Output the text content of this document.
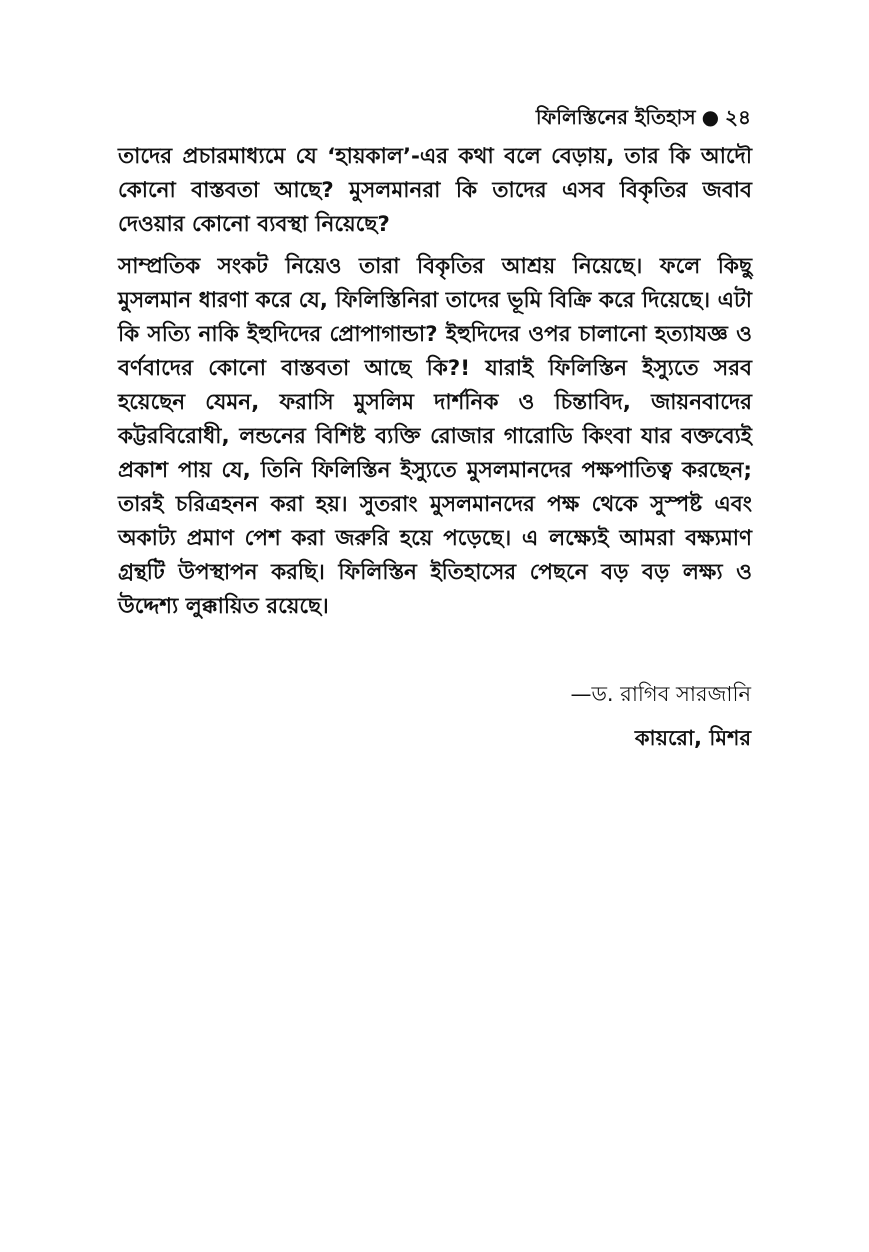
ফিলিস্তিনের ইতিহাস ● ২৪

তাদের প্রচারমাধ্যমে যে ‘হায়কাল’-এর কথা বলে বেড়ায়, তার কি আদৌ কোনো বাস্তবতা আছে? মুসলমানরা কি তাদের এসব বিকৃতির জবাব দেওয়ার কোনো ব্যবস্থা নিয়েছে?

সাম্প্রতিক সংকট নিয়েও তারা বিকৃতির আশ্রয় নিয়েছে। ফলে কিছু মুসলমান ধারণা করে যে, ফিলিস্তিনিরা তাদের ভূমি বিক্রি করে দিয়েছে। এটা কি সত্যি নাকি ইহুদিদের প্রোপাগান্ডা? ইহুদিদের ওপর চালানো হত্যাযজ্ঞ ও বর্ণবাদের কোনো বাস্তবতা আছে কি?! যারাই ফিলিস্তিন ইস্যুতে সরব হয়েছেন যেমন, ফরাসি মুসলিম দার্শনিক ও চিন্তাবিদ, জায়নবাদের কট্টরবিরোধী, লন্ডনের বিশিষ্ট ব্যক্তি রোজার গারোডি কিংবা যার বক্তব্যেই প্রকাশ পায় যে, তিনি ফিলিস্তিন ইস্যুতে মুসলমানদের পক্ষপাতিত্ব করছেন; তারই চরিত্রহনন করা হয়। সুতরাং মুসলমানদের পক্ষ থেকে সুস্পষ্ট এবং অকাট্য প্রমাণ পেশ করা জরুরি হয়ে পড়েছে। এ লক্ষ্যেই আমরা বক্ষ্যমাণ গ্রন্থটি উপস্থাপন করছি। ফিলিস্তিন ইতিহাসের পেছনে বড় বড় লক্ষ্য ও উদ্দেশ্য লুক্কায়িত রয়েছে।

—ড. রাগিব সারজানি
কায়রো, মিশর
